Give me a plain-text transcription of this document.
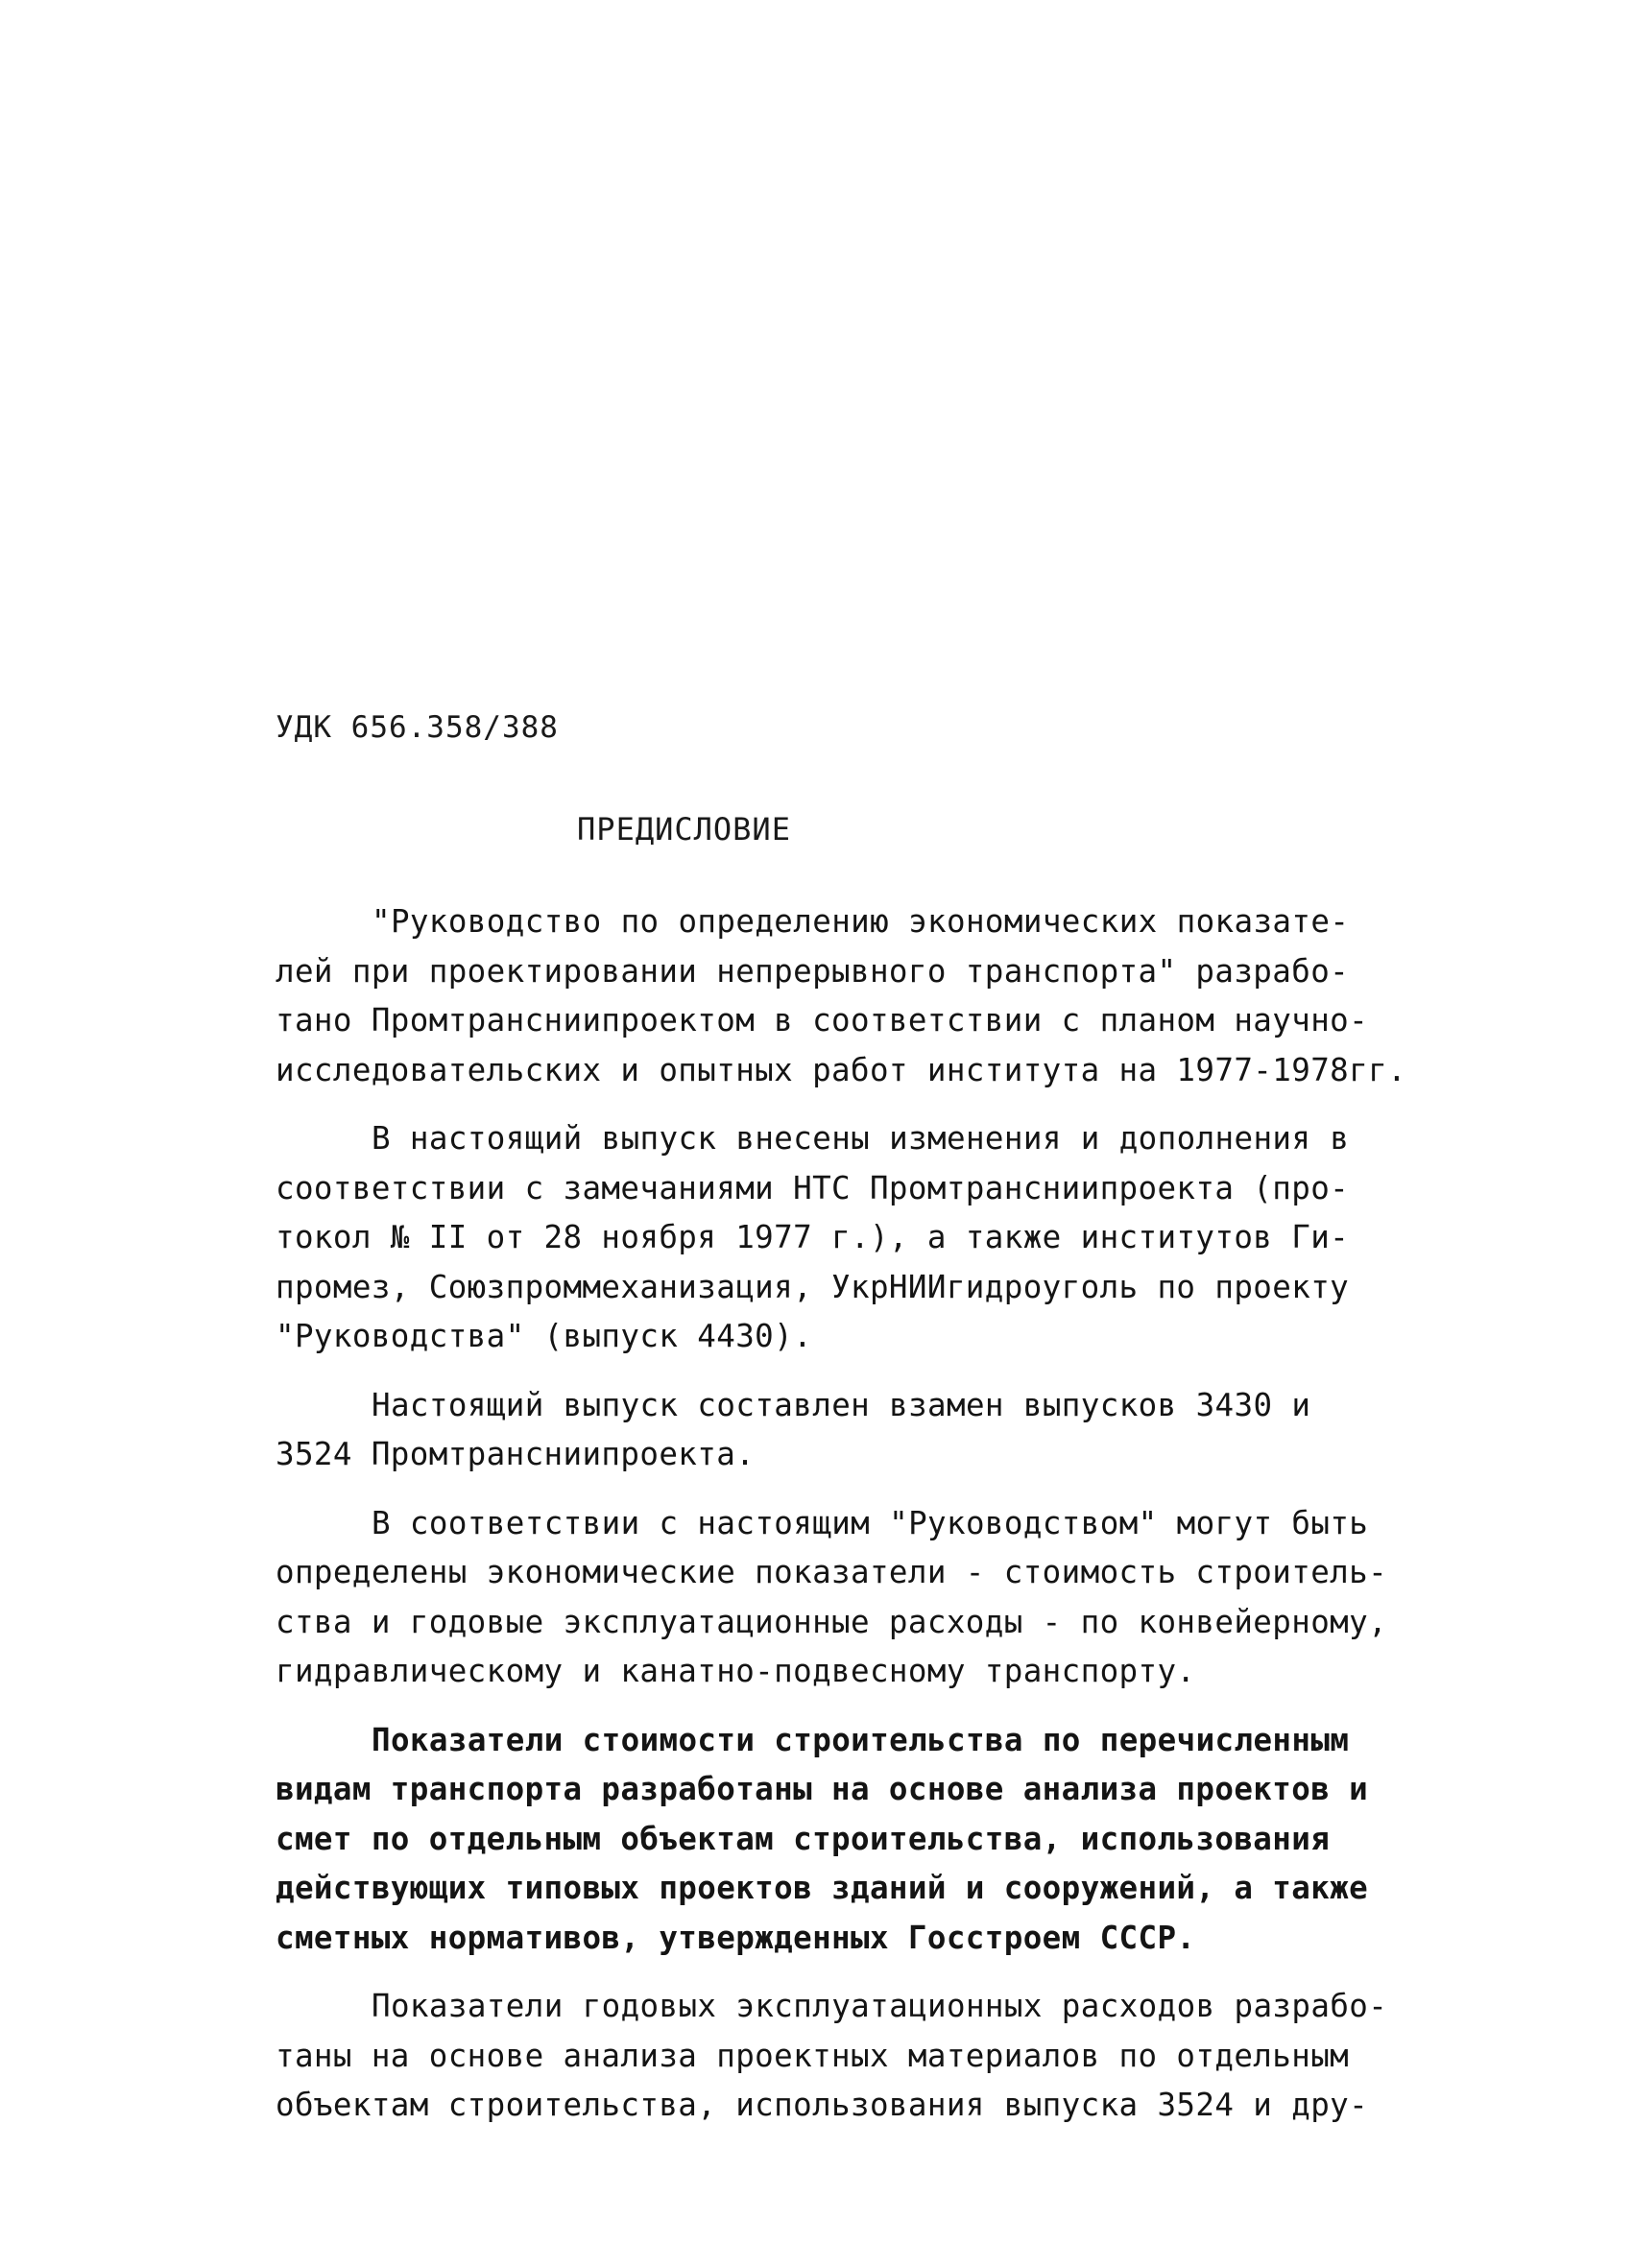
УДК 656.358/388
ПРЕДИСЛОВИЕ

"Руководство по определению экономических показате-
лей при проектировании непрерывного транспорта" разрабо-
тано Промтрансниипроектом в соответствии с планом научно-
исследовательских и опытных работ института на 1977-1978гг.

В настоящий выпуск внесены изменения и дополнения в
соответствии с замечаниями НТС Промтрансниипроекта (про-
токол № II от 28 ноября 1977 г.), а также институтов Ги-
промез, Союзпроммеханизация, УкрНИИгидроуголь по проекту
"Руководства" (выпуск 4430).

Настоящий выпуск составлен взамен выпусков 3430 и
3524 Промтрансниипроекта.

В соответствии с настоящим "Руководством" могут быть
определены экономические показатели - стоимость строитель-
ства и годовые эксплуатационные расходы - по конвейерному,
гидравлическому и канатно-подвесному транспорту.

Показатели стоимости строительства по перечисленным
видам транспорта разработаны на основе анализа проектов и
смет по отдельным объектам строительства, использования
действующих типовых проектов зданий и сооружений, а также
сметных нормативов, утвержденных Госстроем СССР.

Показатели годовых эксплуатационных расходов разрабо-
таны на основе анализа проектных материалов по отдельным
объектам строительства, использования выпуска 3524 и дру-
